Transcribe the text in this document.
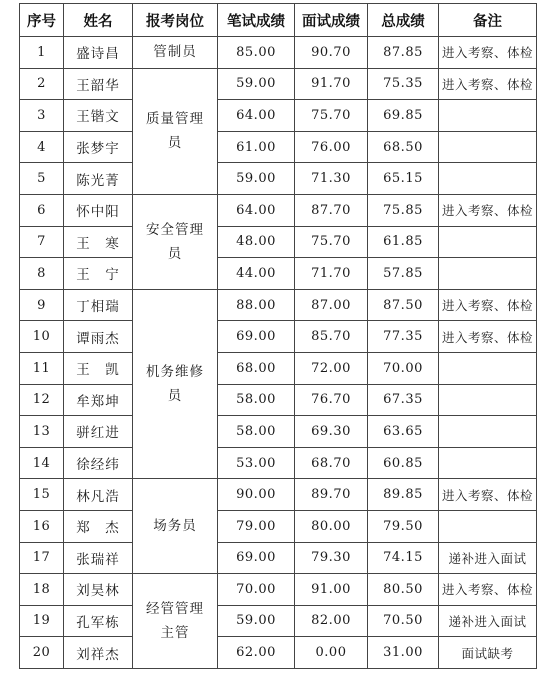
序号	姓名	报考岗位	笔试成绩	面试成绩	总成绩	备注
1	盛诗昌	管制员	85.00	90.70	87.85	进入考察、体检
2	王韶华	质量管理员	59.00	91.70	75.35	进入考察、体检
3	王锴文		64.00	75.70	69.85	
4	张梦宇		61.00	76.00	68.50	
5	陈光菁		59.00	71.30	65.15	
6	怀中阳	安全管理员	64.00	87.70	75.85	进入考察、体检
7	王　寒		48.00	75.70	61.85	
8	王　宁		44.00	71.70	57.85	
9	丁相瑞	机务维修员	88.00	87.00	87.50	进入考察、体检
10	谭雨杰		69.00	85.70	77.35	进入考察、体检
11	王　凯		68.00	72.00	70.00	
12	牟郑坤		58.00	76.70	67.35	
13	骈红进		58.00	69.30	63.65	
14	徐经纬		53.00	68.70	60.85	
15	林凡浩	场务员	90.00	89.70	89.85	进入考察、体检
16	郑　杰		79.00	80.00	79.50	
17	张瑞祥		69.00	79.30	74.15	递补进入面试
18	刘昊林	经管管理主管	70.00	91.00	80.50	进入考察、体检
19	孔军栋		59.00	82.00	70.50	递补进入面试
20	刘祥杰		62.00	0.00	31.00	面试缺考
